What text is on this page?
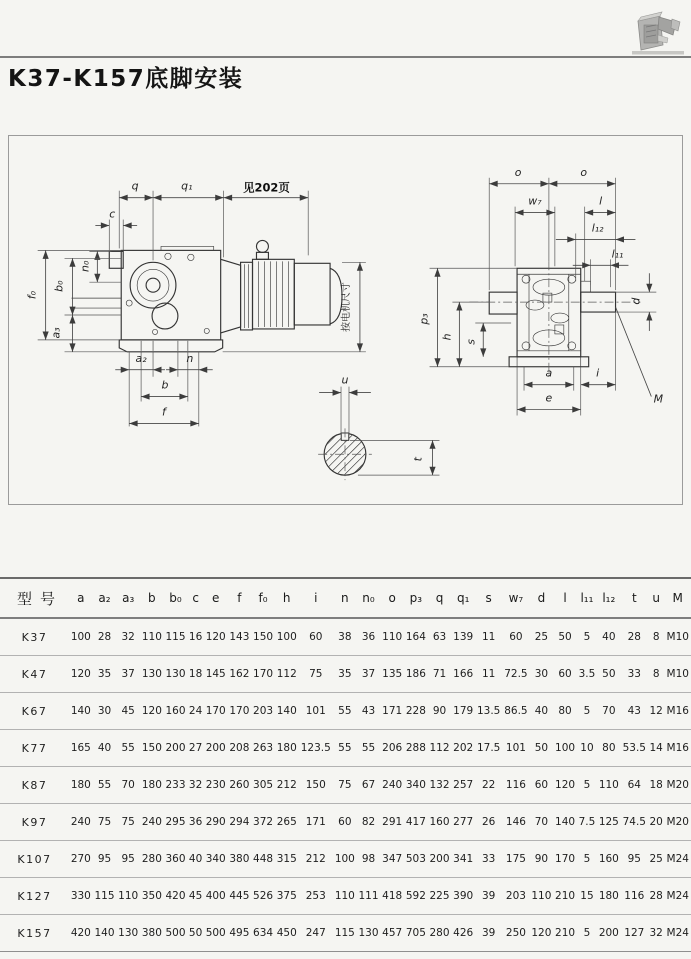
K37-K157底脚安装
q	q₁	见202页
c
n₀
b₀
f₀
a₃
a₂	n
b
f
按电机尺寸
o	o
w₇	l
l₁₂
l₁₁
d
p₃
h
s
a	i
e	M
u
t
型号	a	a₂	a₃	b	b₀	c	e	f	f₀	h	i	n	n₀	o	p₃	q	q₁	s	w₇	d	l	l₁₁	l₁₂	t	u	M
K37	100	28	32	110	115	16	120	143	150	100	60	38	36	110	164	63	139	11	60	25	50	5	40	28	8	M10
K47	120	35	37	130	130	18	145	162	170	112	75	35	37	135	186	71	166	11	72.5	30	60	3.5	50	33	8	M10
K67	140	30	45	120	160	24	170	170	203	140	101	55	43	171	228	90	179	13.5	86.5	40	80	5	70	43	12	M16
K77	165	40	55	150	200	27	200	208	263	180	123.5	55	55	206	288	112	202	17.5	101	50	100	10	80	53.5	14	M16
K87	180	55	70	180	233	32	230	260	305	212	150	75	67	240	340	132	257	22	116	60	120	5	110	64	18	M20
K97	240	75	75	240	295	36	290	294	372	265	171	60	82	291	417	160	277	26	146	70	140	7.5	125	74.5	20	M20
K107	270	95	95	280	360	40	340	380	448	315	212	100	98	347	503	200	341	33	175	90	170	5	160	95	25	M24
K127	330	115	110	350	420	45	400	445	526	375	253	110	111	418	592	225	390	39	203	110	210	15	180	116	28	M24
K157	420	140	130	380	500	50	500	495	634	450	247	115	130	457	705	280	426	39	250	120	210	5	200	127	32	M24
